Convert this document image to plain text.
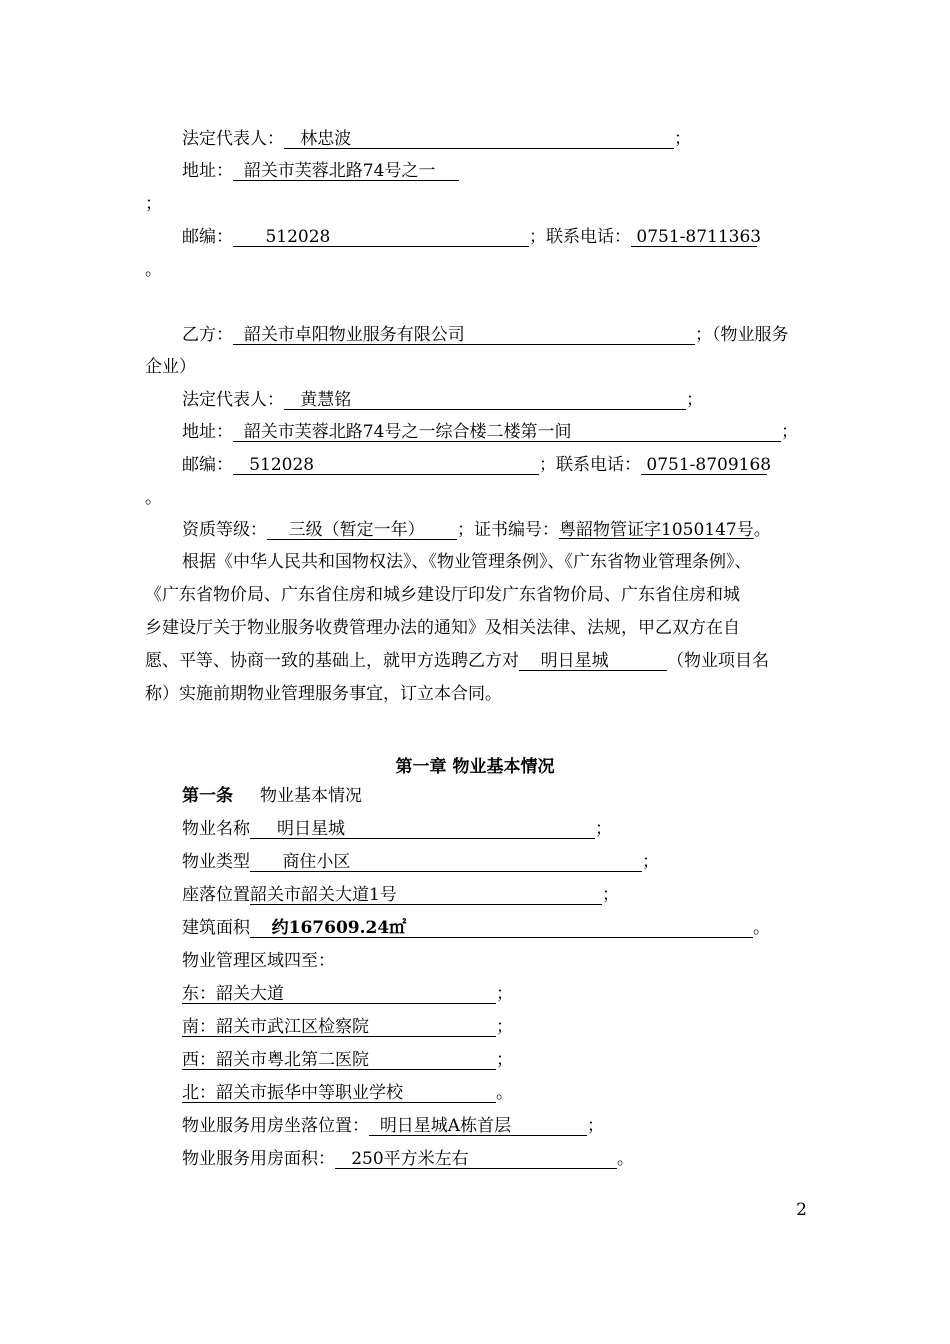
法定代表人： 林忠波	；
地址： 韶关市芙蓉北路74号之一
；
邮编： 512028	；联系电话： 0751-8711363
。
乙方： 韶关市卓阳物业服务有限公司	；（物业服务
企业）
法定代表人： 黄慧铭	；
地址： 韶关市芙蓉北路74号之一综合楼二楼第一间	；
邮编： 512028	；联系电话： 0751-8709168
。
资质等级： 三级（暂定一年） ；证书编号：粤韶物管证字1050147号。
根据《中华人民共和国物权法》、《物业管理条例》、《广东省物业管理条例》、
《广东省物价局、广东省住房和城乡建设厅印发广东省物价局、广东省住房和城
乡建设厅关于物业服务收费管理办法的通知》及相关法律、法规，甲乙双方在自
愿、平等、协商一致的基础上，就甲方选聘乙方对 明日星城	（物业项目名
称）实施前期物业管理服务事宜，订立本合同。
第一章 物业基本情况
第一条 物业基本情况
物业名称 明日星城	；
物业类型 商住小区	；
座落位置韶关市韶关大道1号	；
建筑面积 约167609.24㎡	。
物业管理区域四至：
东：韶关大道	；
南：韶关市武江区检察院	；
西：韶关市粤北第二医院	；
北：韶关市振华中等职业学校	。
物业服务用房坐落位置： 明日星城A栋首层	；
物业服务用房面积： 250平方米左右	。
2
